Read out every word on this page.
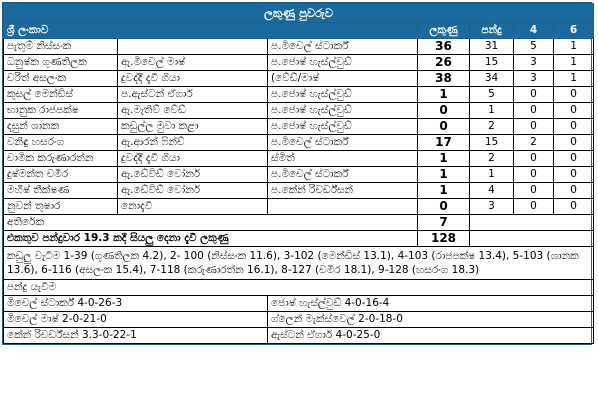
ලකුණු පුවරුව						
ශ්‍රී ලංකාව			ලකුණු	පන්දු	4	6
පැතුම් නිස්සංක		ප.මිචෙල් ස්ටාර්ක්	36	31	5	1
ධනුෂ්ක ගුණතිලක	ඇ.මිචෙල් මාෂ්	ප.ජොෂ් හැස්ල්වුඩ්	26	15	3	1
චරිත් අසලංක	දුවද්දී දැවී ගියා	(වේඩ්/මාෂ්	38	34	3	1
කුසල් මෙන්ඩිස්	ප.ඇස්ටන් ඒගාර්	ප.ජොෂ් හැස්ල්වුඩ්	1	5	0	0
භානුක රාජපක්ෂ	ඇ.මැතිව් වේඩ්	ප.ජොෂ් හැස්ල්වුඩ්	0	1	0	0
දසුන් ශානක	කඩුල්ල මුවා කළා	ප.ජොෂ් හැස්ල්වුඩ්	0	2	0	0
වනිඳු හසරංග	ඇ.ආරන් ෆින්ච්	ප.මිචෙල් ස්ටාර්ක්	17	15	2	0
චාමික කරුණාරත්න	දුවද්දී දැවී ගියා	ස්මිත්	1	2	0	0
දුෂ්මන්ත චමීර	ඇ.ඩේවිඩ් වෝනර්	ප.මිචෙල් ස්ටාර්ක්	1	1	0	0
මහීෂ් තීක්ෂණ	ඇ.ඩේවිඩ් වෝනර්	ප.කේන් රිචර්ඩ්සන්	1	4	0	0
නුවන් තුෂාර	නොදැවී		0	3	0	0
අතිරේක			7			
එකතුව පන්දුවාර 19.3 කදී සියලු දෙනා දැවී ලකුණු			128			
කඩුලු වැටීම 1-39 (ගුණතිලක 4.2), 2- 100 (නිස්සංක 11.6), 3-102 (මෙන්ඩිස් 13.1), 4-103 (රාජපක්ෂ 13.4), 5-103 (ශානක 13.6), 6-116 (අසලංක 15.4), 7-118 (කරුණාරත්න 16.1), 8-127 (චමීර 18.1), 9-128 (හසරංග 18.3)						
පන්දු යැවීම						
මිචෙල් ස්ටාර්ක් 4-0-26-3		ජොෂ් හැස්ල්වුඩ් 4-0-16-4				
මිචෙල් මාෂ් 2-0-21-0		ග්ලෙන් මැක්ස්වෙල් 2-0-18-0				
කේන් රිචර්ඩ්සන් 3.3-0-22-1		ඇස්ටන් ඒගාර් 4-0-25-0				
